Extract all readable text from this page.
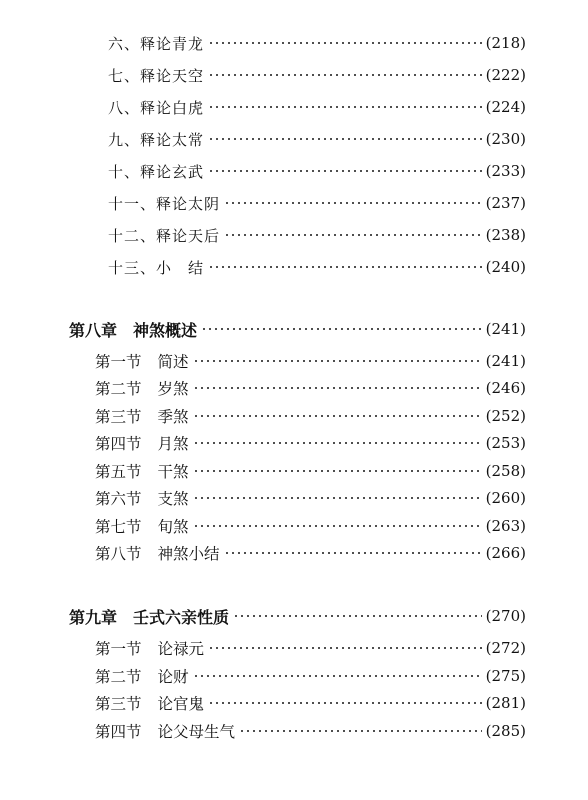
六、释论青龙	(218)
七、释论天空	(222)
八、释论白虎	(224)
九、释论太常	(230)
十、释论玄武	(233)
十一、释论太阴	(237)
十二、释论天后	(238)
十三、小　结	(240)
第八章 神煞概述	(241)
第一节 简述	(241)
第二节 岁煞	(246)
第三节 季煞	(252)
第四节 月煞	(253)
第五节 干煞	(258)
第六节 支煞	(260)
第七节 旬煞	(263)
第八节 神煞小结	(266)
第九章 壬式六亲性质	(270)
第一节 论禄元	(272)
第二节 论财	(275)
第三节 论官鬼	(281)
第四节 论父母生气	(285)
